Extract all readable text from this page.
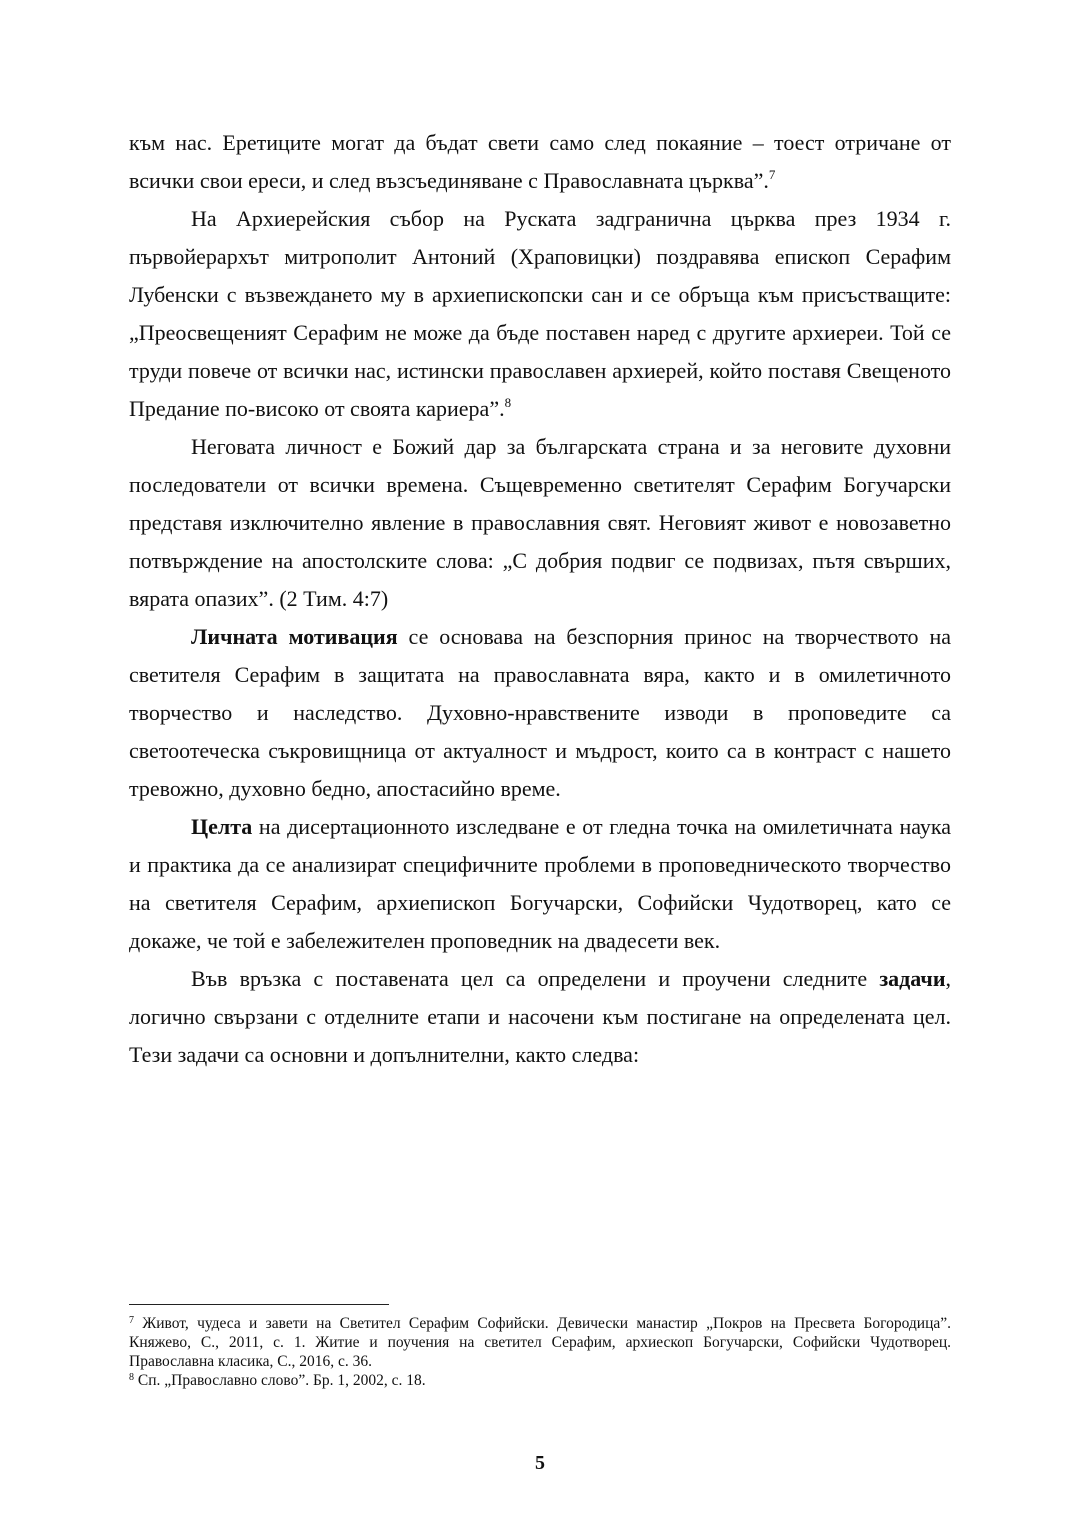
към нас. Еретиците могат да бъдат свети само след покаяние – тоест отричане от всички свои ереси, и след възсъединяване с Православната църква”.$^7$

На Архиерейския събор на Руската задгранична църква през 1934 г. първойерархът митрополит Антоний (Храповицки) поздравява епископ Серафим Лубенски с възвеждането му в архиепископски сан и се обръща към присъстващите: „Преосвещеният Серафим не може да бъде поставен наред с другите архиереи. Той се труди повече от всички нас, истински православен архиерей, който поставя Свещеното Предание по-високо от своята кариера”.$^8$

Неговата личност е Божий дар за българската страна и за неговите духовни последователи от всички времена. Същевременно светителят Серафим Богучарски представя изключително явление в православния свят. Неговият живот е новозаветно потвърждение на апостолските слова: „С добрия подвиг се подвизах, пътя свърших, вярата опазих”. (2 Тим. 4:7)

Личната мотивация се основава на безспорния принос на творчеството на светителя Серафим в защитата на православната вяра, както и в омилетичното творчество и наследство. Духовно-нравствените изводи в проповедите са светоотеческа съкровищница от актуалност и мъдрост, които са в контраст с нашето тревожно, духовно бедно, апостасийно време.

Целта на дисертационното изследване е от гледна точка на омилетичната наука и практика да се анализират специфичните проблеми в проповедническото творчество на светителя Серафим, архиепископ Богучарски, Софийски Чудотворец, като се докаже, че той е забележителен проповедник на двадесети век.

Във връзка с поставената цел са определени и проучени следните задачи, логично свързани с отделните етапи и насочени към постигане на определената цел. Тези задачи са основни и допълнителни, както следва:

$^7$ Живот, чудеса и завети на Светител Серафим Софийски. Девически манастир „Покров на Пресвета Богородица”. Княжево, С., 2011, с. 1. Житие и поучения на светител Серафим, архиескоп Богучарски, Софийски Чудотворец. Православна класика, С., 2016, с. 36.

$^8$ Сп. „Православно слово”. Бр. 1, 2002, с. 18.

5
